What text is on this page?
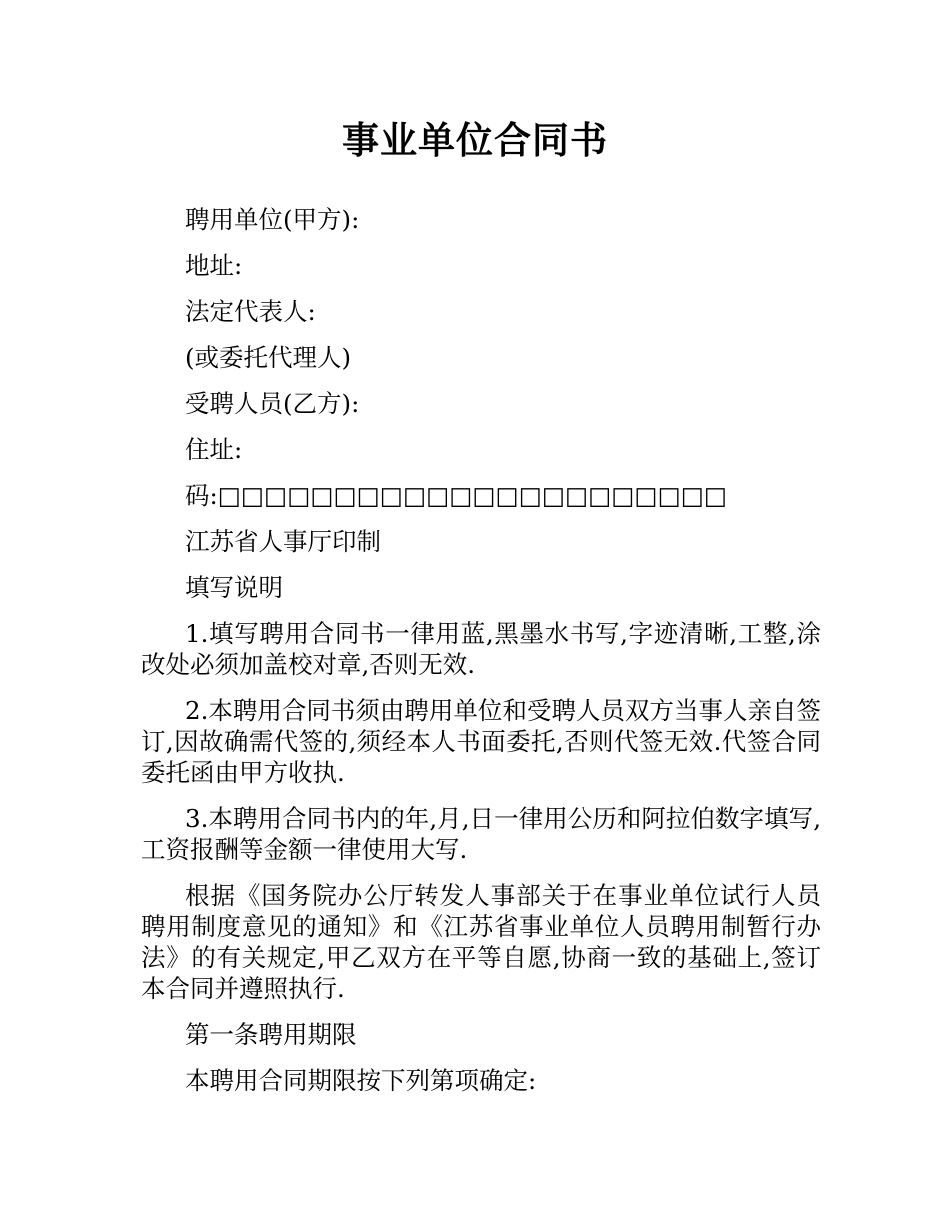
事业单位合同书

聘用单位(甲方):

地址:

法定代表人:

(或委托代理人)

受聘人员(乙方):

住址:

码:□□□□□□□□□□□□□□□□□□□□□□

江苏省人事厅印制

填写说明

1.填写聘用合同书一律用蓝,黑墨水书写,字迹清晰,工整,涂改处必须加盖校对章,否则无效.

2.本聘用合同书须由聘用单位和受聘人员双方当事人亲自签订,因故确需代签的,须经本人书面委托,否则代签无效.代签合同委托函由甲方收执.

3.本聘用合同书内的年,月,日一律用公历和阿拉伯数字填写,工资报酬等金额一律使用大写.

根据《国务院办公厅转发人事部关于在事业单位试行人员聘用制度意见的通知》和《江苏省事业单位人员聘用制暂行办法》的有关规定,甲乙双方在平等自愿,协商一致的基础上,签订本合同并遵照执行.

第一条聘用期限

本聘用合同期限按下列第项确定:
